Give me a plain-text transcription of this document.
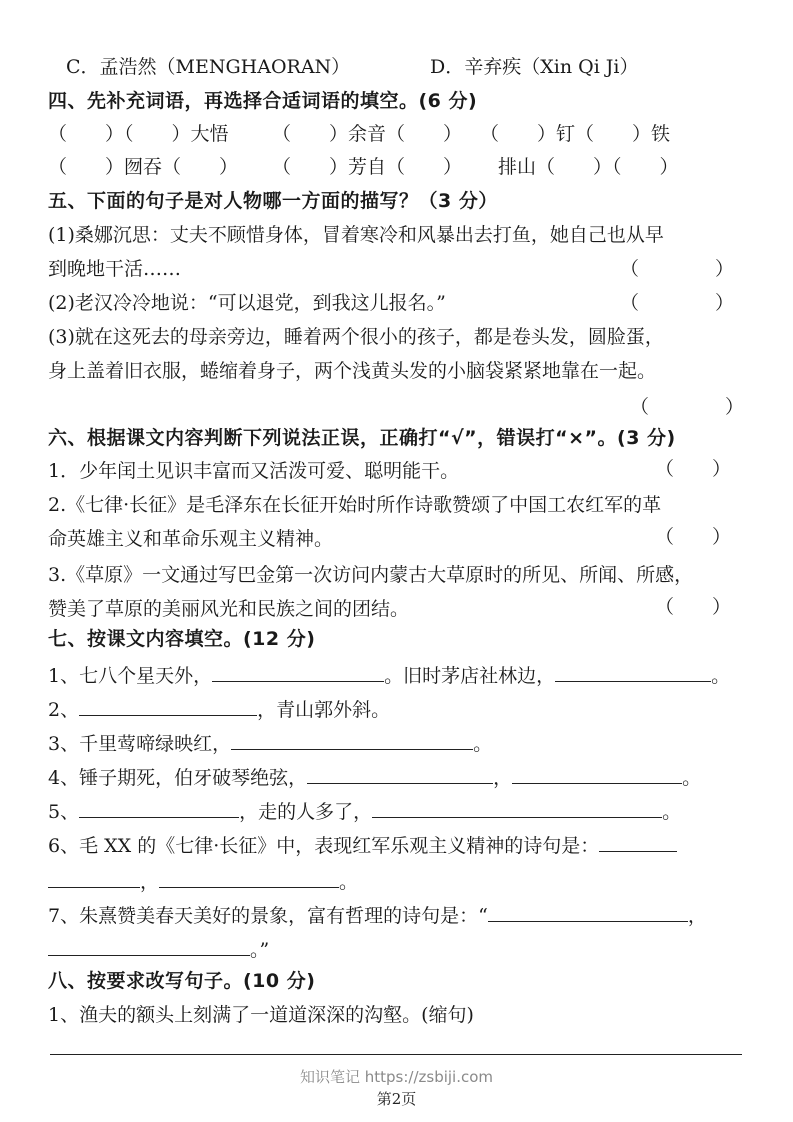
C．孟浩然（MENGHAORAN）	D．辛弃疾（Xin Qi Ji）
四、先补充词语，再选择合适词语的填空。(6 分)
（　　）（　　）大悟 （　　）余音（　　） （　　）钉（　　）铁
（　　）囫吞（　　） （　　）芳自（　　） 排山（　　）（　　）
五、下面的句子是对人物哪一方面的描写？（3 分）
(1)桑娜沉思：丈夫不顾惜身体，冒着寒冷和风暴出去打鱼，她自己也从早
到晚地干活……	（　　　　）
(2)老汉冷冷地说：“可以退党，到我这儿报名。”	（　　　　）
(3)就在这死去的母亲旁边，睡着两个很小的孩子，都是卷头发，圆脸蛋，
身上盖着旧衣服，蜷缩着身子，两个浅黄头发的小脑袋紧紧地靠在一起。
（　　　　）
六、根据课文内容判断下列说法正误，正确打“√”，错误打“×”。(3 分)
1．少年闰土见识丰富而又活泼可爱、聪明能干。	（　　）
2.《七律·长征》是毛泽东在长征开始时所作诗歌赞颂了中国工农红军的革
命英雄主义和革命乐观主义精神。	（　　）
3.《草原》一文通过写巴金第一次访问内蒙古大草原时的所见、所闻、所感，
赞美了草原的美丽风光和民族之间的团结。	（　　）
七、按课文内容填空。(12 分)
1、七八个星天外，	。旧时茅店社林边，	。
2、	，青山郭外斜。
3、千里莺啼绿映红，	。
4、锤子期死，伯牙破琴绝弦，	，	。
5、	，走的人多了，	。
6、毛 XX 的《七律·长征》中，表现红军乐观主义精神的诗句是：
，	。
7、朱熹赞美春天美好的景象，富有哲理的诗句是：“	，
。”
八、按要求改写句子。(10 分)
1、渔夫的额头上刻满了一道道深深的沟壑。(缩句)
知识笔记 https://zsbiji.com
第2页
